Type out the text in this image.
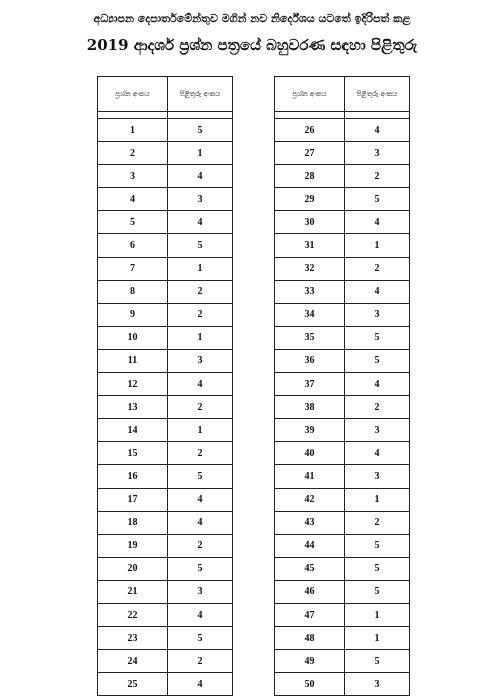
අධ්‍යාපන දෙපාර්තමේන්තුව මගින් නව නිර්දේශය යටතේ ඉදිරිපත් කළ
2019 ආදර්ශ ප්‍රශ්න පත්‍රයේ බහුවරණ සඳහා පිළිතුරු
ප්‍රශ්න අංකය	පිළිතුරු අංකය

1	5
2	1
3	4
4	3
5	4
6	5
7	1
8	2
9	2
10	1
11	3
12	4
13	2
14	1
15	2
16	5
17	4
18	4
19	2
20	5
21	3
22	4
23	5
24	2
25	4
ප්‍රශ්න අංකය	පිළිතුරු අංකය

26	4
27	3
28	2
29	5
30	4
31	1
32	2
33	4
34	3
35	5
36	5
37	4
38	2
39	3
40	4
41	3
42	1
43	2
44	5
45	5
46	5
47	1
48	1
49	5
50	3
